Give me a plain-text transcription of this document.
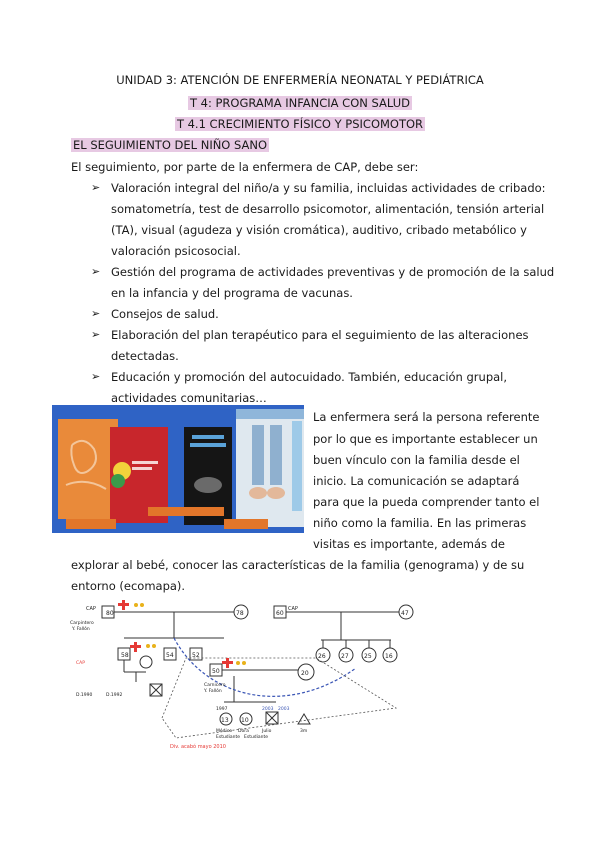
UNIDAD 3: ATENCIÓN DE ENFERMERÍA NEONATAL Y PEDIÁTRICA
T 4: PROGRAMA INFANCIA CON SALUD
T 4.1 CRECIMIENTO FÍSICO Y PSICOMOTOR
EL SEGUIMIENTO DEL NIÑO SANO
El seguimiento, por parte de la enfermera de CAP, debe ser:
➢ Valoración integral del niño/a y su familia, incluidas actividades de cribado:
somatometría, test de desarrollo psicomotor, alimentación, tensión arterial
(TA), visual (agudeza y visión cromática), auditivo, cribado metabólico y
valoración psicosocial.
➢ Gestión del programa de actividades preventivas y de promoción de la salud
en la infancia y del programa de vacunas.
➢ Consejos de salud.
➢ Elaboración del plan terapéutico para el seguimiento de las alteraciones
detectadas.
➢ Educación y promoción del autocuidado. También, educación grupal,
actividades comunitarias…
La enfermera será la persona referente
por lo que es importante establecer un
buen vínculo con la familia desde el
inicio. La comunicación se adaptará
para que la pueda comprender tanto el
niño como la familia. En las primeras
visitas es importante, además de
explorar al bebé, conocer las características de la familia (genograma) y de su
entorno (ecomapa).
80	78	60	47
58	54	52
50	20
26	27	25 16
13 10
CAP	CAP
Carpintero
Y. Fallón
CAP
Carnicero
Y. Fallón
D.1990	D.1992
1997	2003 2003
Médico Dora	Julio
Estudiante Estudiante
3m
Div. acabó mayo 2010
